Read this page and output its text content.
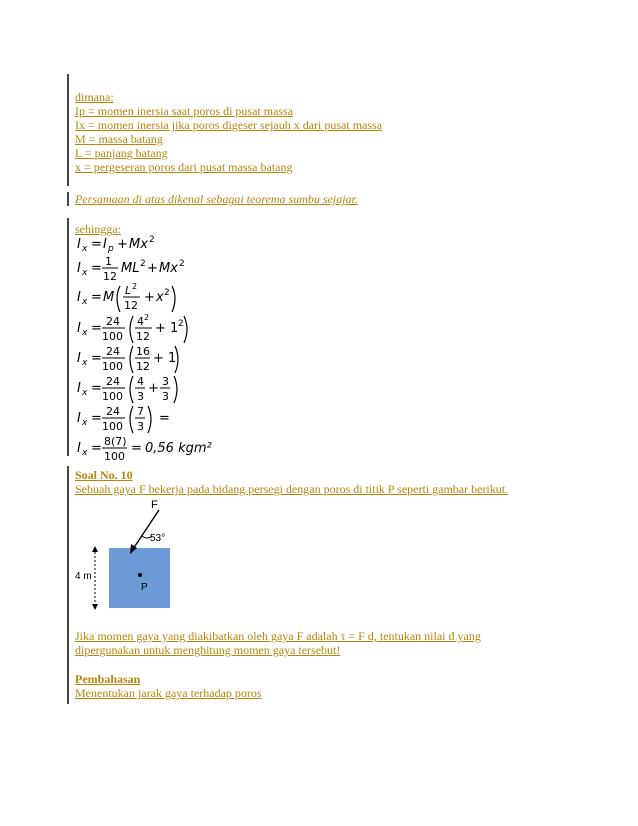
dimana:
Ip = momen inersia saat poros di pusat massa
Ix = momen inersia jika poros digeser sejauh x dari pusat massa
M = massa batang
L = panjang batang
x = pergeseran poros dari pusat massa batang
Persamaan di atas dikenal sebagai teorema sumbu sejajar.
sehingga:
I x = I p + Mx 2
I x = 1
12
ML 2 + Mx 2
I x = M L 2
12
+ x 2
I x = 24
100
4 2
12
+ 1 2
I x = 24
100
16
12
+ 1
I x = 24
100
4
3
+ 3
3
I x = 24
100
7
3
=
I x = 8(7)
100
= 0,56 kgm²
Soal No. 10
Sebuah gaya F bekerja pada bidang persegi dengan poros di titik P seperti gambar berikut.
F
53°
P
4 m
Jika momen gaya yang diakibatkan oleh gaya F adalah τ = F d, tentukan nilai d yang
dipergunakan untuk menghitung momen gaya tersebut!
Pembahasan
Menentukan jarak gaya terhadap poros
